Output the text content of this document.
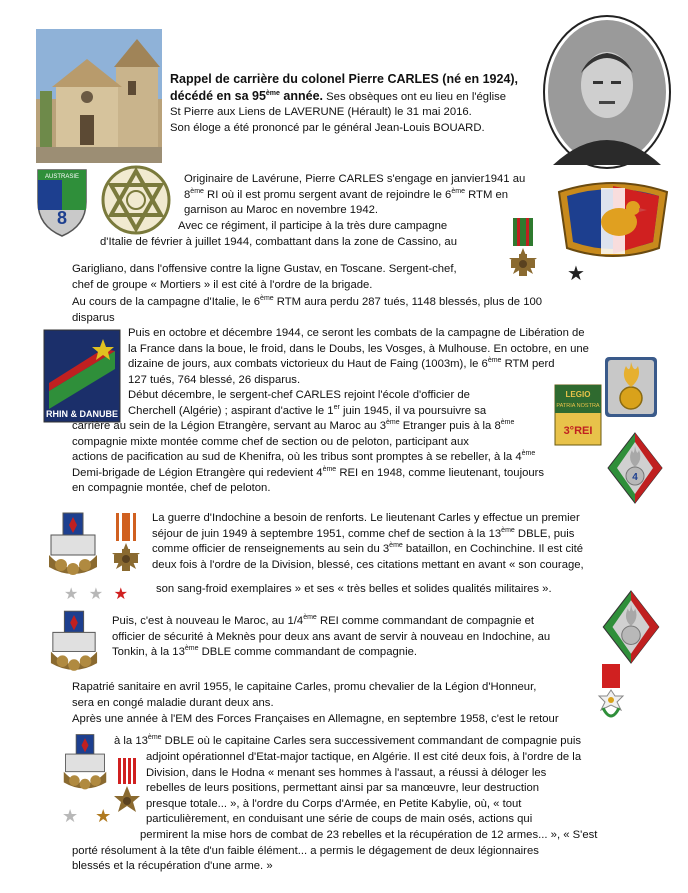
Rappel de carrière du colonel Pierre CARLES (né en 1924),

décédé en sa 95ème année. Ses obsèques ont eu lieu en l'église

St Pierre aux Liens de LAVERUNE (Hérault) le 31 mai 2016.

Son éloge a été prononcé par le général Jean-Louis BOUARD.

AUSTRASIE
8

Originaire de Lavérune, Pierre CARLES s'engage en janvier1941 au

8ème RI où il est promu sergent avant de rejoindre le 6ème RTM en

garnison au Maroc en novembre 1942.

Avec ce régiment, il participe à la très dure campagne

d'Italie de février à juillet 1944, combattant dans la zone de Cassino, au

★

Garigliano, dans l'offensive contre la ligne Gustav, en Toscane. Sergent-chef,

chef de groupe « Mortiers » il est cité à l'ordre de la brigade.

Au cours de la campagne d'Italie, le 6ème RTM aura perdu 287 tués, 1148 blessés, plus de 100

disparus

RHIN & DANUBE

Puis en octobre et décembre 1944, ce seront les combats de la campagne de Libération de

la France dans la boue, le froid, dans le Doubs, les Vosges, à Mulhouse. En octobre, en une

dizaine de jours, aux combats victorieux du Haut de Faing (1003m), le 6ème RTM perd

127 tués, 764 blessé, 26 disparus.

Début décembre, le sergent-chef CARLES rejoint l'école d'officier de

Cherchell (Algérie) ; aspirant d'active le 1er juin 1945, il va poursuivre sa

LEGIO
PATRIA NOSTRA
3°REI

carrière au sein de la Légion Etrangère, servant au Maroc au 3ème Etranger puis à la 8ème

compagnie mixte montée comme chef de section ou de peloton, participant aux

actions de pacification au sud de Khenifra, où les tribus sont promptes à se rebeller, à la 4ème

Demi-brigade de Légion Etrangère qui redevient 4ème REI en 1948, comme lieutenant, toujours

en compagnie montée, chef de peloton.

4
★ ★ ★

La guerre d'Indochine a besoin de renforts. Le lieutenant Carles y effectue un premier

séjour de juin 1949 à septembre 1951, comme chef de section à la 13ème DBLE, puis

comme officier de renseignements au sein du 3ème bataillon, en Cochinchine. Il est cité

deux fois à l'ordre de la Division, blessé, ces citations mettant en avant « son courage,

son sang-froid exemplaires » et ses « très belles et solides qualités militaires ».

Puis, c'est à nouveau le Maroc, au 1/4ème REI comme commandant de compagnie et

officier de sécurité à Meknès pour deux ans avant de servir à nouveau en Indochine, au

Tonkin, à la 13ème DBLE comme commandant de compagnie.

Rapatrié sanitaire en avril 1955, le capitaine Carles, promu chevalier de la Légion d'Honneur,

sera en congé maladie durant deux ans.

Après une année à l'EM des Forces Françaises en Allemagne, en septembre 1958, c'est le retour

★ ★

à la 13ème DBLE où le capitaine Carles sera successivement commandant de compagnie puis

adjoint opérationnel d'Etat-major tactique, en Algérie. Il est cité deux fois, à l'ordre de la

Division, dans le Hodna « menant ses hommes à l'assaut, a réussi à déloger les

rebelles de leurs positions, permettant ainsi par sa manœuvre, leur destruction

presque totale... », à l'ordre du Corps d'Armée, en Petite Kabylie, où, « tout

particulièrement, en conduisant une série de coups de main osés, actions qui

permirent la mise hors de combat de 23 rebelles et la récupération de 12 armes... », « S'est

porté résolument à la tête d'un faible élément... a permis le dégagement de deux légionnaires

blessés et la récupération d'une arme. »
